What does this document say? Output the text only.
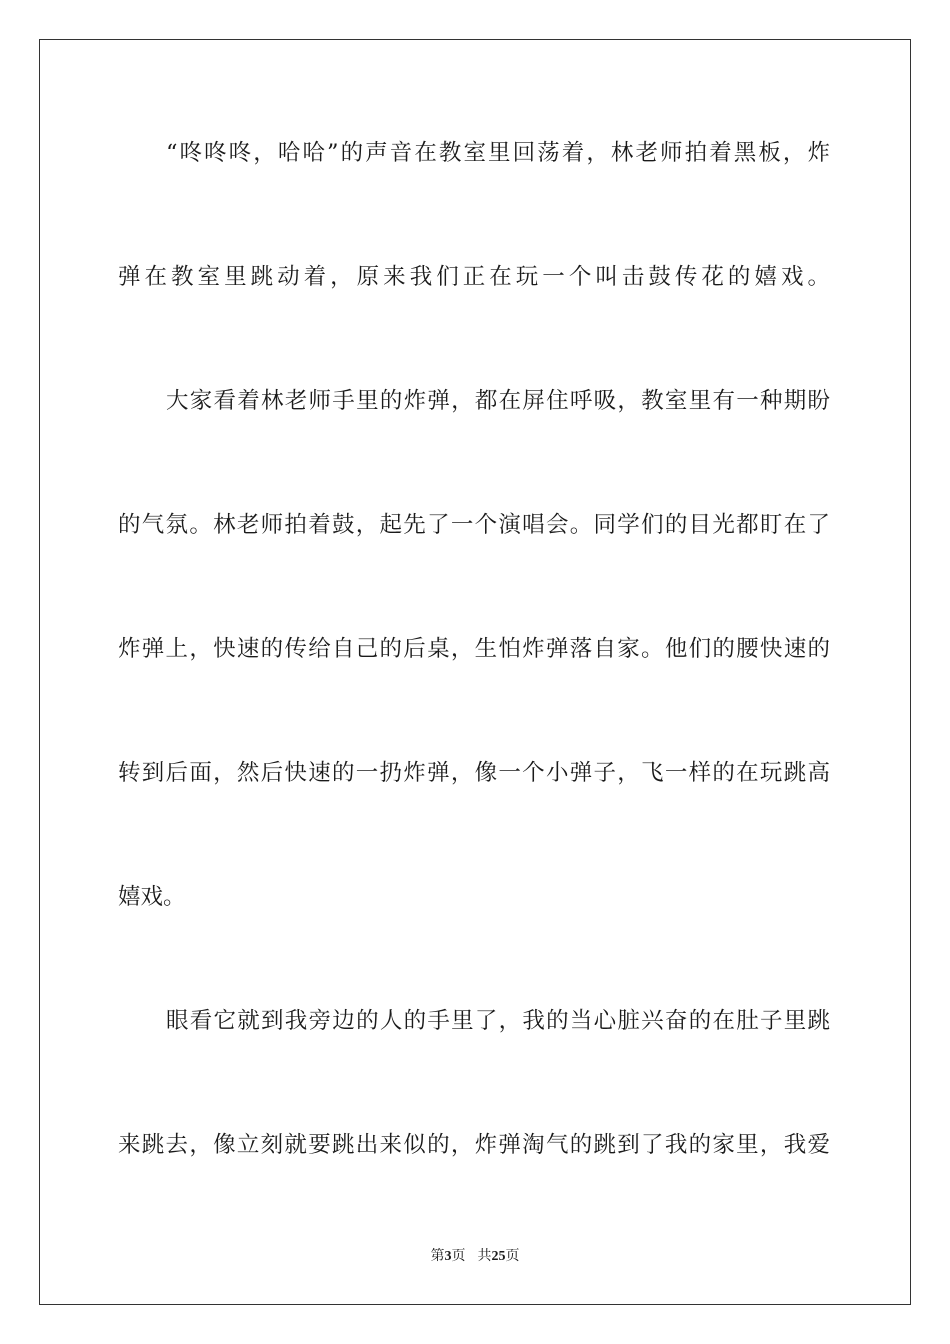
“咚咚咚，哈哈”的声音在教室里回荡着，林老师拍着黑板，炸
弹在教室里跳动着，原来我们正在玩一个叫击鼓传花的嬉戏。
大家看着林老师手里的炸弹，都在屏住呼吸，教室里有一种期盼
的气氛。林老师拍着鼓，起先了一个演唱会。同学们的目光都盯在了
炸弹上，快速的传给自己的后桌，生怕炸弹落自家。他们的腰快速的
转到后面，然后快速的一扔炸弹，像一个小弹子，飞一样的在玩跳高
嬉戏。
眼看它就到我旁边的人的手里了，我的当心脏兴奋的在肚子里跳
来跳去，像立刻就要跳出来似的，炸弹淘气的跳到了我的家里，我爱
第3页 共25页
